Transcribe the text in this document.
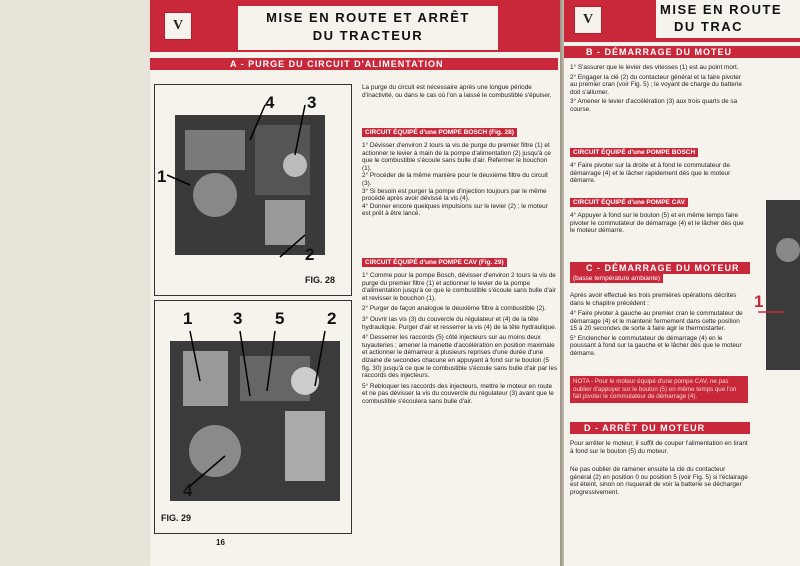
V
MISE EN ROUTE ET ARRÊT
DU TRACTEUR
A - PURGE DU CIRCUIT D'ALIMENTATION
4 3
1
2
FIG. 28
1 3 5	2
4
FIG. 29
La purge du circuit est nécessaire après une longue période d'inactivité, ou dans le cas où l'on a laissé le combustible s'épuiser.
CIRCUIT ÉQUIPÉ d'une POMPE BOSCH (Fig. 28)

1° Dévisser d'environ 2 tours la vis de purge du premier filtre (1) et actionner le levier à main de la pompe d'alimentation (2) jusqu'à ce que le combustible s'écoule sans bulle d'air. Refermer le bouchon (1).

2° Procéder de la même manière pour le deuxième filtre du circuit (3).

3° Si besoin est purger la pompe d'injection toujours par le même procédé après avoir dévissé la vis (4).

4° Donner encore quelques impulsions sur le levier (2) ; le moteur est prêt à être lancé.

CIRCUIT ÉQUIPÉ d'une POMPE CAV (Fig. 29)

1° Comme pour la pompe Bosch, dévisser d'environ 2 tours la vis de purge du premier filtre (1) et actionner le levier de la pompe d'alimentation jusqu'à ce que le combustible s'écoule sans bulle d'air et revisser le bouchon (1).

2° Purger de façon analogue le deuxième filtre à combustible (2).

3° Ouvrir las vis (3) du couvercle du régulateur et (4) de la tête hydraulique. Purger d'air et resserrer la vis (4) de la tête hydraulique.

4° Desserrer les raccords (5) côté injecteurs sur au moins deux tuyauteries ; amener la manette d'accélération en position maximale et actionner le démarreur à plusieurs reprises d'une durée d'une dizaine de secondes chacune en appuyant à fond sur le bouton (5 fig. 30) jusqu'à ce que le combustible s'écoule sans bulle d'air par les raccords des injecteurs.

5° Rebloquer les raccords des injecteurs, mettre le moteur en route et ne pas dévisser la vis du couvercle du régulateur (3) avant que le combustible s'écoulera sans bulle d'air.

16
V
MISE EN ROUTE
DU TRAC
B - DÉMARRAGE DU MOTEU

1° S'assurer que le levier des vitesses (1) est au point mort.

2° Engager la clé (2) du contacteur général et la faire pivoter au premier cran (voir Fig. 5) ; le voyant de charge du batterie doit s'allumer.

3° Amener le levier d'accélération (3) aux trois quarts de sa course.

CIRCUIT ÉQUIPÉ d'une POMPE BOSCH
4° Faire pivoter sur la droite et à fond le commutateur de démarrage (4) et le lâcher rapidement dès que le moteur démarre.
CIRCUIT ÉQUIPÉ d'une POMPE CAV
4° Appuyer à fond sur le bouton (5) et en même temps faire pivoter le commutateur de démarrage (4) et le lâcher dès que le moteur démarre.
C - DÉMARRAGE DU MOTEUR
(basse température ambiante)
Après avoir effectué les trois premières opérations décrites dans le chapitre précédent :

4° Faire pivoter à gauche au premier cran le commutateur de démarrage (4) et le maintenir fermement dans cette position 15 à 20 secondes de sorte à faire agir le thermostarter.

5° Enclencher le commutateur de démarrage (4) en le poussant à fond sur la gauche et le lâcher dès que le moteur démarre.

NOTA - Pour le moteur équipé d'une pompe CAV, ne pas oublier d'appuyer sur le bouton (5) en même temps que l'on fait pivoter le commutateur de démarrage (4).
D - ARRÊT DU MOTEUR
Pour arrêter le moteur, il suffit de couper l'alimentation en tirant à fond sur le bouton (5) du moteur.
Ne pas oublier de ramener ensuite la clé du contacteur général (2) en position 0 ou position 5 (voir Fig. 5) si l'éclairage est éteint, sinon on risquerait de voir la batterie se décharger progressivement.
1
